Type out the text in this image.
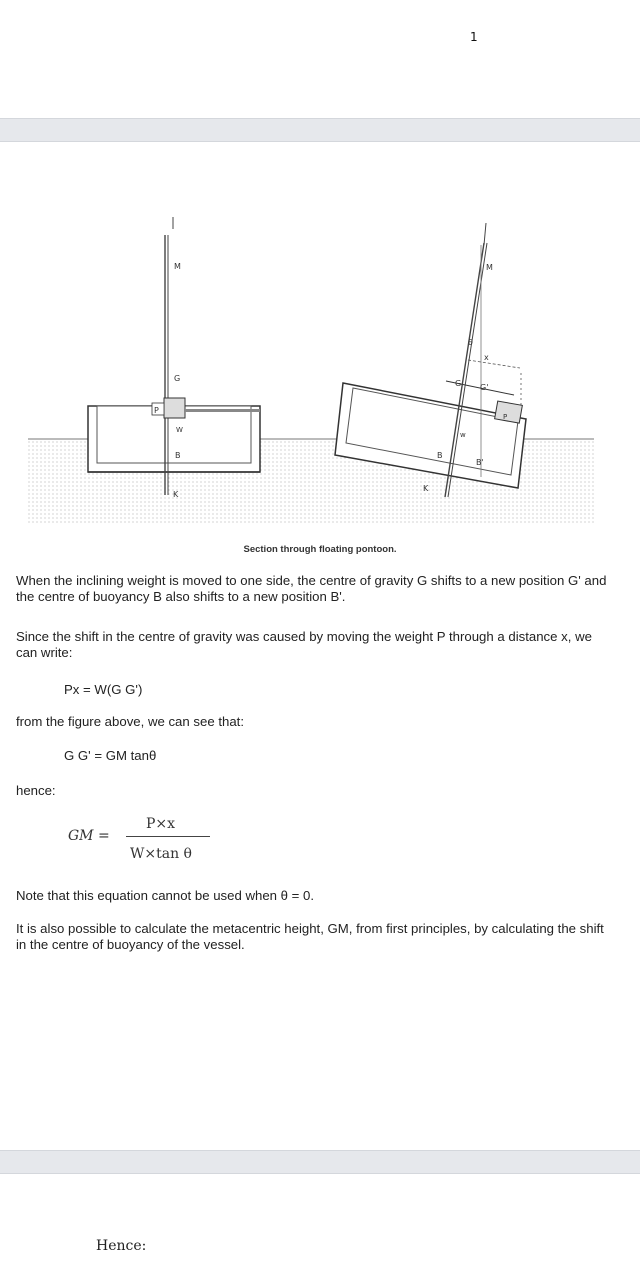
1
P
M
G
W
B
K
M
θ
x
G G'
w
B
B'
P
K
Section through floating pontoon.

When the inclining weight is moved to one side, the centre of gravity G shifts to a new position G' and the centre of buoyancy B also shifts to a new position B'.

Since the shift in the centre of gravity was caused by moving the weight P through a distance x, we can write:

Px = W(G G')

from the figure above, we can see that:

G G' = GM tanθ
hence:
GM =
P×x
W×tan θ

Note that this equation cannot be used when θ = 0.

It is also possible to calculate the metacentric height, GM, from first principles, by calculating the shift in the centre of buoyancy of the vessel.

Hence:
